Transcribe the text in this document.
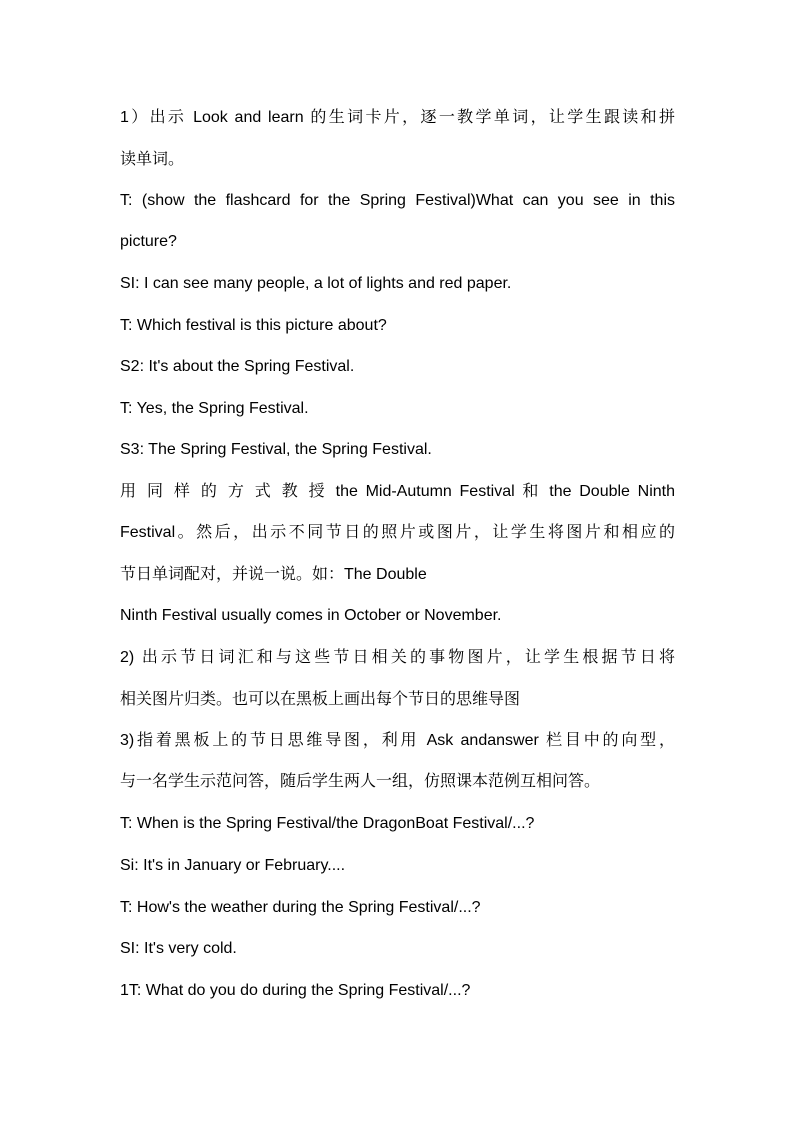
1）出示 Look and learn 的生词卡片，逐一教学单词，让学生跟读和拼
读单词。
T: (show the flashcard for the Spring Festival)What can you see in this
picture?
SI: I can see many people, a lot of lights and red paper.
T: Which festival is this picture about?
S2: It's about the Spring Festival.
T: Yes, the Spring Festival.
S3: The Spring Festival, the Spring Festival.
用 同 样 的 方 式 教 授 the Mid-Autumn Festival 和 the Double Ninth
Festival。然后，出示不同节日的照片或图片，让学生将图片和相应的
节日单词配对，并说一说。如：The Double
Ninth Festival usually comes in October or November.
2) 出示节日词汇和与这些节日相关的事物图片，让学生根据节日将
相关图片归类。也可以在黑板上画出每个节日的思维导图
3)指着黑板上的节日思维导图，利用 Ask andanswer 栏目中的向型，
与一名学生示范问答，随后学生两人一组，仿照课本范例互相问答。
T: When is the Spring Festival/the DragonBoat Festival/...?
Si: It's in January or February....
T: How's the weather during the Spring Festival/...?
SI: It's very cold.
1T: What do you do during the Spring Festival/...?
